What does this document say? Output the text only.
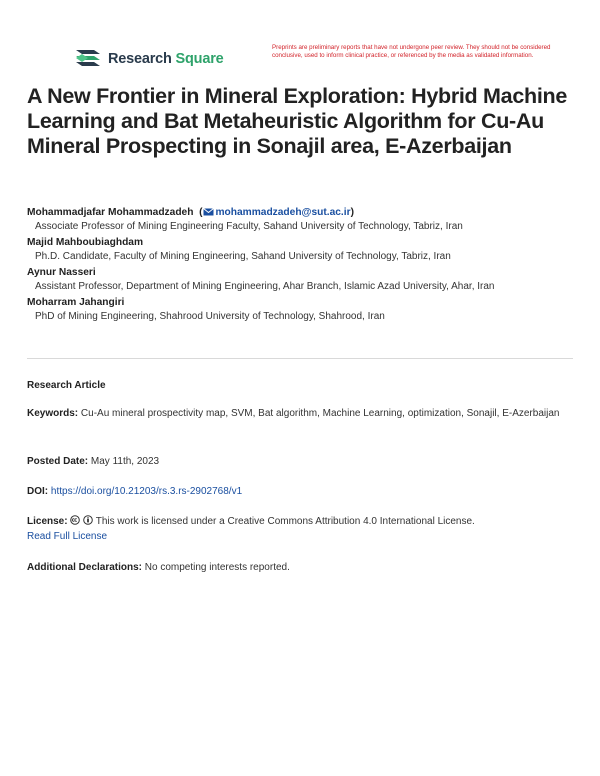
Research Square
Preprints are preliminary reports that have not undergone peer review. They should not be considered conclusive, used to inform clinical practice, or referenced by the media as validated information.
A New Frontier in Mineral Exploration: Hybrid Machine Learning and Bat Metaheuristic Algorithm for Cu-Au Mineral Prospecting in Sonajil area, E-Azerbaijan
Mohammadjafar Mohammadzadeh  ( mohammadzadeh@sut.ac.ir)
Associate Professor of Mining Engineering Faculty, Sahand University of Technology, Tabriz, Iran
Majid Mahboubiaghdam
Ph.D. Candidate, Faculty of Mining Engineering, Sahand University of Technology, Tabriz, Iran
Aynur Nasseri
Assistant Professor, Department of Mining Engineering, Ahar Branch, Islamic Azad University, Ahar, Iran
Moharram Jahangiri
PhD of Mining Engineering, Shahrood University of Technology, Shahrood, Iran
Research Article
Keywords: Cu-Au mineral prospectivity map, SVM, Bat algorithm, Machine Learning, optimization, Sonajil, E-Azerbaijan
Posted Date: May 11th, 2023
DOI: https://doi.org/10.21203/rs.3.rs-2902768/v1
License:	This work is licensed under a Creative Commons Attribution 4.0 International License.
Read Full License
Additional Declarations: No competing interests reported.
